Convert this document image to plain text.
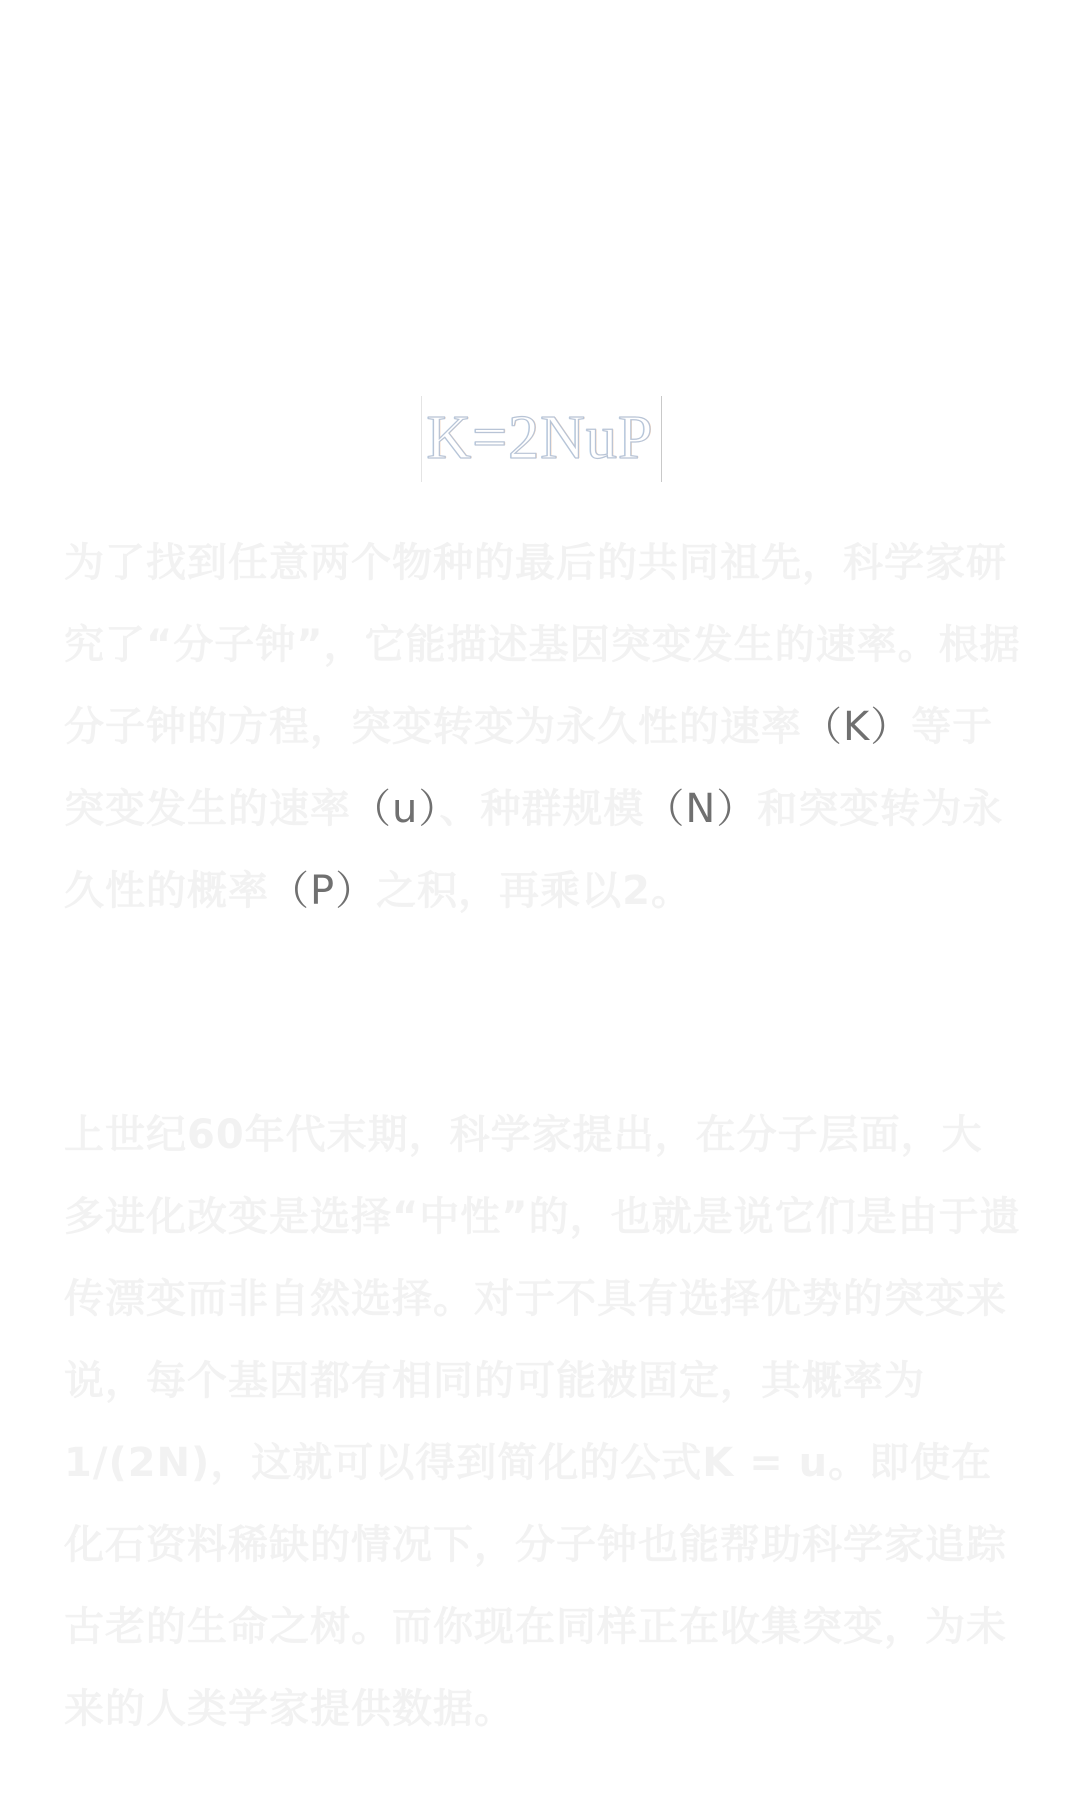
K=2NuP

为了找到任意两个物种的最后的共同祖先，科学家研究了“分子钟”，它能描述基因突变发生的速率。根据分子钟的方程，突变转变为永久性的速率（K）等于突变发生的速率（u）、种群规模（N）和突变转为永久性的概率（P）之积，再乘以2。

上世纪60年代末期，科学家提出，在分子层面，大多进化改变是选择“中性”的，也就是说它们是由于遗传漂变而非自然选择。对于不具有选择优势的突变来说，每个基因都有相同的可能被固定，其概率为1/(2N)，这就可以得到简化的公式K = u。即使在化石资料稀缺的情况下，分子钟也能帮助科学家追踪古老的生命之树。而你现在同样正在收集突变，为未来的人类学家提供数据。
